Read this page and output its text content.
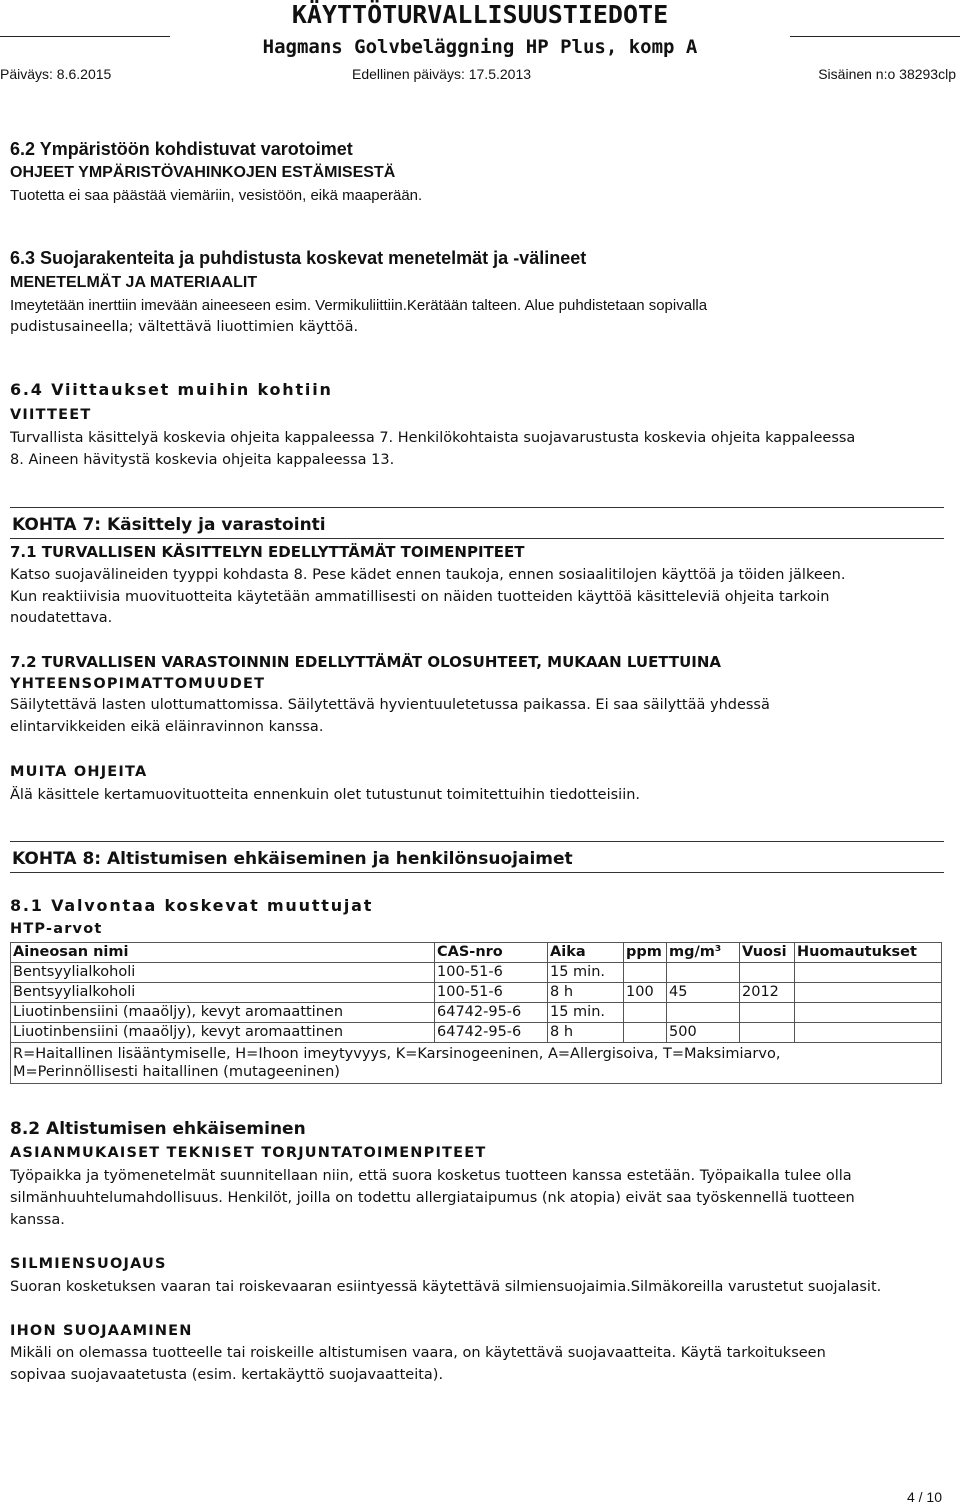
KÄYTTÖTURVALLISUUSTIEDOTE
Hagmans Golvbeläggning HP Plus, komp A
Päiväys: 8.6.2015	Edellinen päiväys: 17.5.2013	Sisäinen n:o 38293clp
6.2 Ympäristöön kohdistuvat varotoimet
OHJEET YMPÄRISTÖVAHINKOJEN ESTÄMISESTÄ
Tuotetta ei saa päästää viemäriin, vesistöön, eikä maaperään.
6.3 Suojarakenteita ja puhdistusta koskevat menetelmät ja -välineet
MENETELMÄT JA MATERIAALIT
Imeytetään inerttiin imevään aineeseen esim. Vermikuliittiin.Kerätään talteen. Alue puhdistetaan sopivalla
pudistusaineella; vältettävä liuottimien käyttöä.
6.4 Viittaukset muihin kohtiin
VIITTEET
Turvallista käsittelyä koskevia ohjeita kappaleessa 7. Henkilökohtaista suojavarustusta koskevia ohjeita kappaleessa
8. Aineen hävitystä koskevia ohjeita kappaleessa 13.
KOHTA 7: Käsittely ja varastointi
7.1 TURVALLISEN KÄSITTELYN EDELLYTTÄMÄT TOIMENPITEET
Katso suojavälineiden tyyppi kohdasta 8. Pese kädet ennen taukoja, ennen sosiaalitilojen käyttöä ja töiden jälkeen.
Kun reaktiivisia muovituotteita käytetään ammatillisesti on näiden tuotteiden käyttöä käsitteleviä ohjeita tarkoin
noudatettava.
7.2 TURVALLISEN VARASTOINNIN EDELLYTTÄMÄT OLOSUHTEET, MUKAAN LUETTUINA
YHTEENSOPIMATTOMUUDET
Säilytettävä lasten ulottumattomissa. Säilytettävä hyvientuuletetussa paikassa. Ei saa säilyttää yhdessä
elintarvikkeiden eikä eläinravinnon kanssa.
MUITA OHJEITA
Älä käsittele kertamuovituotteita ennenkuin olet tutustunut toimitettuihin tiedotteisiin.
KOHTA 8: Altistumisen ehkäiseminen ja henkilönsuojaimet
8.1 Valvontaa koskevat muuttujat
HTP-arvot
Aineosan nimi	CAS-nro	Aika	ppm	mg/m³	Vuosi	Huomautukset
Bentsyylialkoholi	100-51-6	15 min.				
Bentsyylialkoholi	100-51-6	8 h	100	45	2012	
Liuotinbensiini (maaöljy), kevyt aromaattinen	64742-95-6	15 min.				
Liuotinbensiini (maaöljy), kevyt aromaattinen	64742-95-6	8 h		500		

R=Haitallinen lisääntymiselle, H=Ihoon imeytyvyys, K=Karsinogeeninen, A=Allergisoiva, T=Maksimiarvo,
M=Perinnöllisesti haitallinen (mutageeninen)						
8.2 Altistumisen ehkäiseminen
ASIANMUKAISET TEKNISET TORJUNTATOIMENPITEET
Työpaikka ja työmenetelmät suunnitellaan niin, että suora kosketus tuotteen kanssa estetään. Työpaikalla tulee olla
silmänhuuhtelumahdollisuus. Henkilöt, joilla on todettu allergiataipumus (nk atopia) eivät saa työskennellä tuotteen
kanssa.
SILMIENSUOJAUS
Suoran kosketuksen vaaran tai roiskevaaran esiintyessä käytettävä silmiensuojaimia.Silmäkoreilla varustetut suojalasit.
IHON SUOJAAMINEN
Mikäli on olemassa tuotteelle tai roiskeille altistumisen vaara, on käytettävä suojavaatteita. Käytä tarkoitukseen
sopivaa suojavaatetusta (esim. kertakäyttö suojavaatteita).
4 / 10
